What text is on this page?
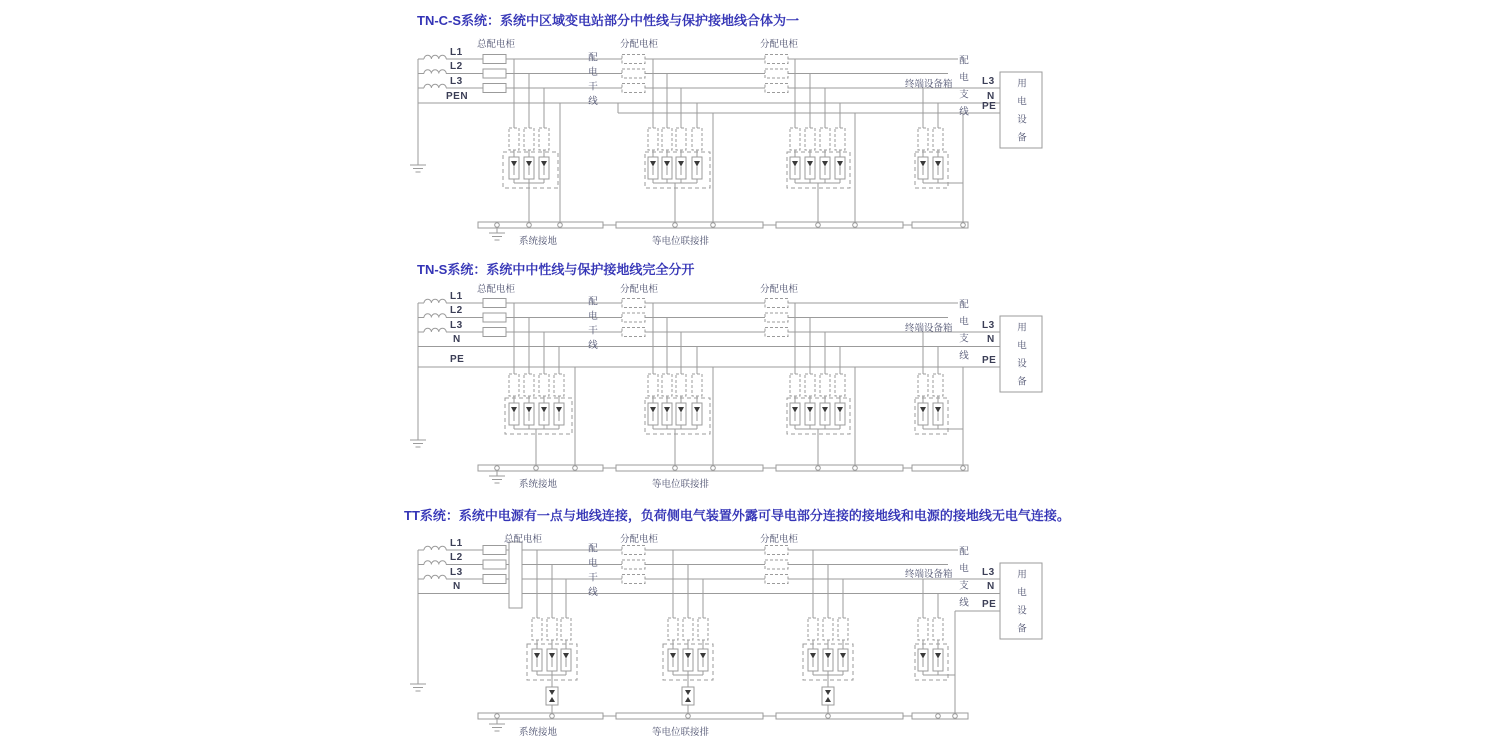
TN-C-S系统：系统中区域变电站部分中性线与保护接地线合体为一
总配电柜	分配电柜	分配电柜
L1
L2
L3
PEN	配电干线	终端设备箱 配电支线 L3
N
PE 用电设备
系统接地	等电位联接排
TN-S系统：系统中中性线与保护接地线完全分开
总配电柜	分配电柜	分配电柜
L1
L2
L3
N
PE
配电干线	终端设备箱 配电支线 L3
N
PE 用电设备
系统接地	等电位联接排
TT系统：系统中电源有一点与地线连接，负荷侧电气装置外露可导电部分连接的接地线和电源的接地线无电气连接。
总配电柜	分配电柜	分配电柜
L1
L2
L3
N	配电干线	终端设备箱 配电支线 L3
N
PE 用电设备
系统接地	等电位联接排
